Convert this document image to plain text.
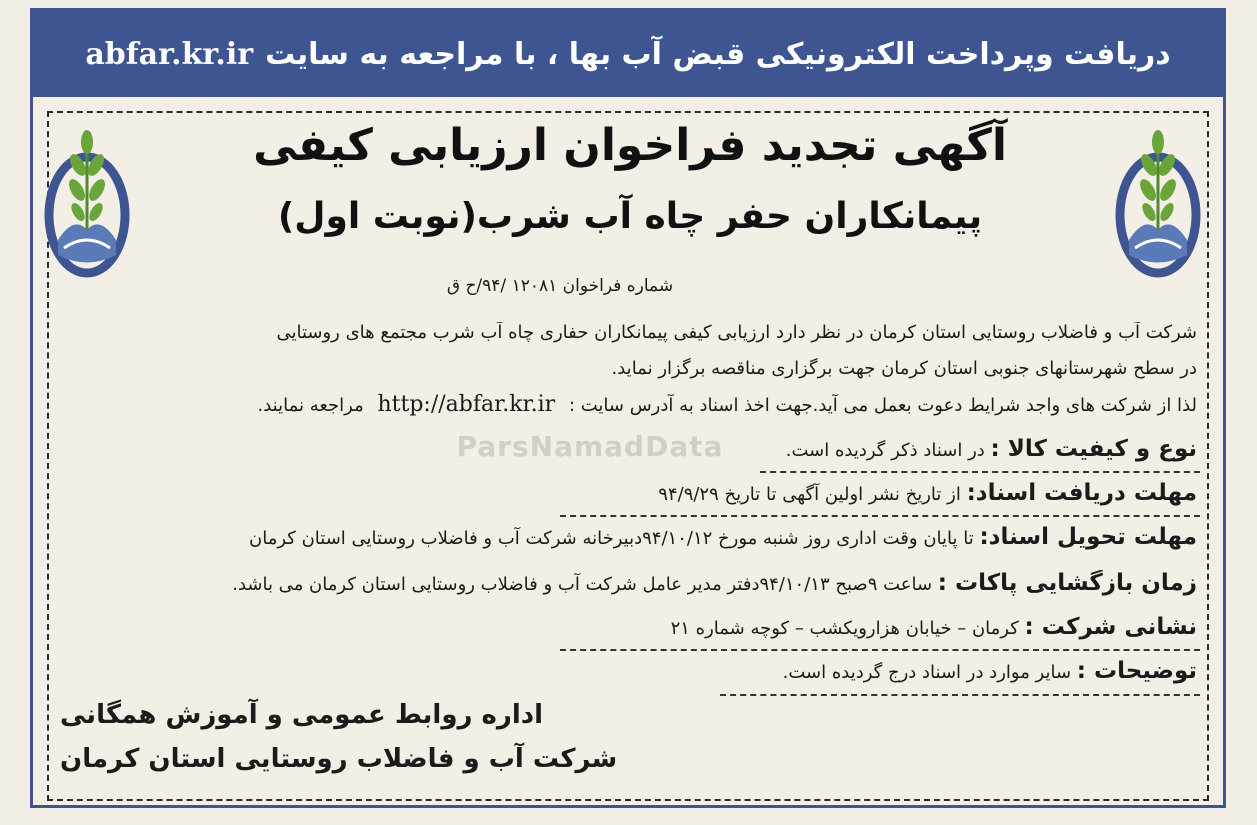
دریافت وپرداخت الکترونیکی قبض آب بها ، با مراجعه به سایت
abfar.kr.ir
آگهی تجدید فراخوان ارزیابی کیفی
پیمانکاران حفر چاه آب شرب(نوبت اول)
شماره فراخوان ۱۲۰۸۱ /۹۴/ح ق
شرکت آب و فاضلاب روستایی استان کرمان در نظر دارد ارزیابی کیفی پیمانکاران حفاری چاه آب شرب مجتمع های روستایی
در سطح شهرستانهای جنوبی استان کرمان جهت برگزاری مناقصه برگزار نماید.
لذا از شرکت های واجد شرایط دعوت بعمل می آید.جهت اخذ اسناد به آدرس سایت : http://abfar.kr.ir مراجعه نمایند.
نوع و کیفیت کالا : در اسناد ذکر گردیده است.
مهلت دریافت اسناد: از تاریخ نشر اولین آگهی تا تاریخ ۹۴/۹/۲۹
مهلت تحویل اسناد: تا پایان وقت اداری روز شنبه مورخ ۹۴/۱۰/۱۲دبیرخانه شرکت آب و فاضلاب روستایی استان کرمان
زمان بازگشایی پاکات : ساعت ۹صبح ۹۴/۱۰/۱۳دفتر مدیر عامل شرکت آب و فاضلاب روستایی استان کرمان می باشد.
نشانی شرکت : کرمان – خیابان هزارویکشب – کوچه شماره ۲۱
توضیحات : سایر موارد در اسناد درج گردیده است.
اداره روابط عمومی و آموزش همگانی
شرکت آب و فاضلاب روستایی استان کرمان
ParsNamadData
